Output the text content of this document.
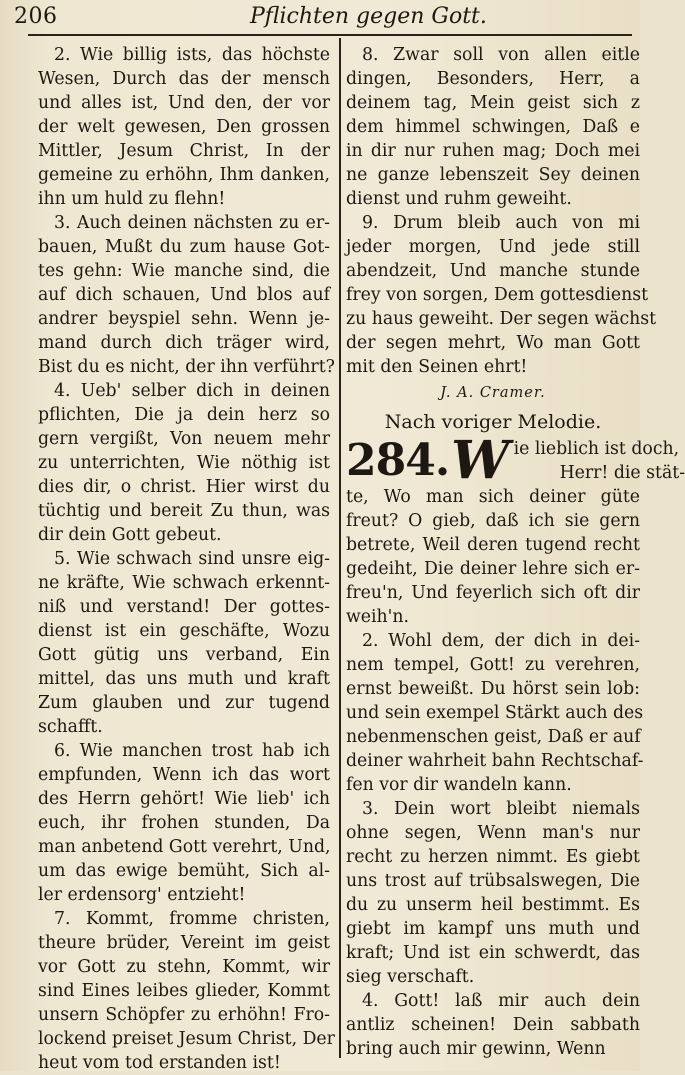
206	Pflichten gegen Gott.
2. Wie billig ists, das höchste
Wesen, Durch das der mensch
und alles ist, Und den, der vor
der welt gewesen, Den grossen
Mittler, Jesum Christ, In der
gemeine zu erhöhn, Ihm danken,
ihn um huld zu flehn!
3. Auch deinen nächsten zu er-
bauen, Mußt du zum hause Got-
tes gehn: Wie manche sind, die
auf dich schauen, Und blos auf
andrer beyspiel sehn. Wenn je-
mand durch dich träger wird,
Bist du es nicht, der ihn verführt?
4. Ueb' selber dich in deinen
pflichten, Die ja dein herz so
gern vergißt, Von neuem mehr
zu unterrichten, Wie nöthig ist
dies dir, o christ. Hier wirst du
tüchtig und bereit Zu thun, was
dir dein Gott gebeut.
5. Wie schwach sind unsre eig-
ne kräfte, Wie schwach erkennt-
niß und verstand! Der gottes-
dienst ist ein geschäfte, Wozu
Gott gütig uns verband, Ein
mittel, das uns muth und kraft
Zum glauben und zur tugend
schafft.
6. Wie manchen trost hab ich
empfunden, Wenn ich das wort
des Herrn gehört! Wie lieb' ich
euch, ihr frohen stunden, Da
man anbetend Gott verehrt, Und,
um das ewige bemüht, Sich al-
ler erdensorg' entzieht!
7. Kommt, fromme christen,
theure brüder, Vereint im geist
vor Gott zu stehn, Kommt, wir
sind Eines leibes glieder, Kommt
unsern Schöpfer zu erhöhn! Fro-
lockend preiset Jesum Christ, Der
heut vom tod erstanden ist!
8. Zwar soll von allen eitle
dingen, Besonders, Herr, a
deinem tag, Mein geist sich z
dem himmel schwingen, Daß e
in dir nur ruhen mag; Doch mei
ne ganze lebenszeit Sey deinen
dienst und ruhm geweiht.
9. Drum bleib auch von mi
jeder morgen, Und jede still
abendzeit, Und manche stunde
frey von sorgen, Dem gottesdienst
zu haus geweiht. Der segen wächst
der segen mehrt, Wo man Gott
mit den Seinen ehrt!
J. A. Cramer.
Nach voriger Melodie.
284. W ie lieblich ist doch,
Herr! die stät-
te, Wo man sich deiner güte
freut? O gieb, daß ich sie gern
betrete, Weil deren tugend recht
gedeiht, Die deiner lehre sich er-
freu'n, Und feyerlich sich oft dir
weih'n.
2. Wohl dem, der dich in dei-
nem tempel, Gott! zu verehren,
ernst beweißt. Du hörst sein lob:
und sein exempel Stärkt auch des
nebenmenschen geist, Daß er auf
deiner wahrheit bahn Rechtschaf-
fen vor dir wandeln kann.
3. Dein wort bleibt niemals
ohne segen, Wenn man's nur
recht zu herzen nimmt. Es giebt
uns trost auf trübsalswegen, Die
du zu unserm heil bestimmt. Es
giebt im kampf uns muth und
kraft; Und ist ein schwerdt, das
sieg verschaft.
4. Gott! laß mir auch dein
antliz scheinen! Dein sabbath
bring auch mir gewinn, Wenn
